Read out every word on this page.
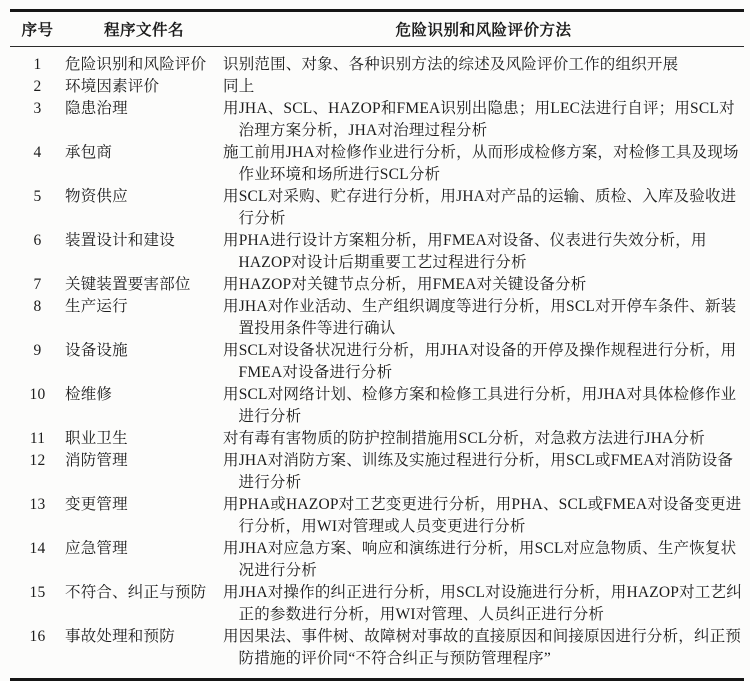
序号	程序文件名	危险识别和风险评价方法
1	危险识别和风险评价	识别范围、对象、各种识别方法的综述及风险评价工作的组织开展
2	环境因素评价	同上
3	隐患治理	用JHA、SCL、HAZOP和FMEA识别出隐患；用LEC法进行自评；用SCL对治理方案分析，JHA对治理过程分析
4	承包商	施工前用JHA对检修作业进行分析，从而形成检修方案，对检修工具及现场作业环境和场所进行SCL分析
5	物资供应	用SCL对采购、贮存进行分析，用JHA对产品的运输、质检、入库及验收进行分析
6	装置设计和建设	用PHA进行设计方案粗分析，用FMEA对设备、仪表进行失效分析，用HAZOP对设计后期重要工艺过程进行分析
7	关键装置要害部位	用HAZOP对关键节点分析，用FMEA对关键设备分析
8	生产运行	用JHA对作业活动、生产组织调度等进行分析，用SCL对开停车条件、新装置投用条件等进行确认
9	设备设施	用SCL对设备状况进行分析，用JHA对设备的开停及操作规程进行分析，用FMEA对设备进行分析
10	检维修	用SCL对网络计划、检修方案和检修工具进行分析，用JHA对具体检修作业进行分析
11	职业卫生	对有毒有害物质的防护控制措施用SCL分析，对急救方法进行JHA分析
12	消防管理	用JHA对消防方案、训练及实施过程进行分析，用SCL或FMEA对消防设备进行分析
13	变更管理	用PHA或HAZOP对工艺变更进行分析，用PHA、SCL或FMEA对设备变更进行分析，用WI对管理或人员变更进行分析
14	应急管理	用JHA对应急方案、响应和演练进行分析，用SCL对应急物质、生产恢复状况进行分析
15	不符合、纠正与预防	用JHA对操作的纠正进行分析，用SCL对设施进行分析，用HAZOP对工艺纠正的参数进行分析，用WI对管理、人员纠正进行分析
16	事故处理和预防	用因果法、事件树、故障树对事故的直接原因和间接原因进行分析，纠正预防措施的评价同“不符合纠正与预防管理程序”
